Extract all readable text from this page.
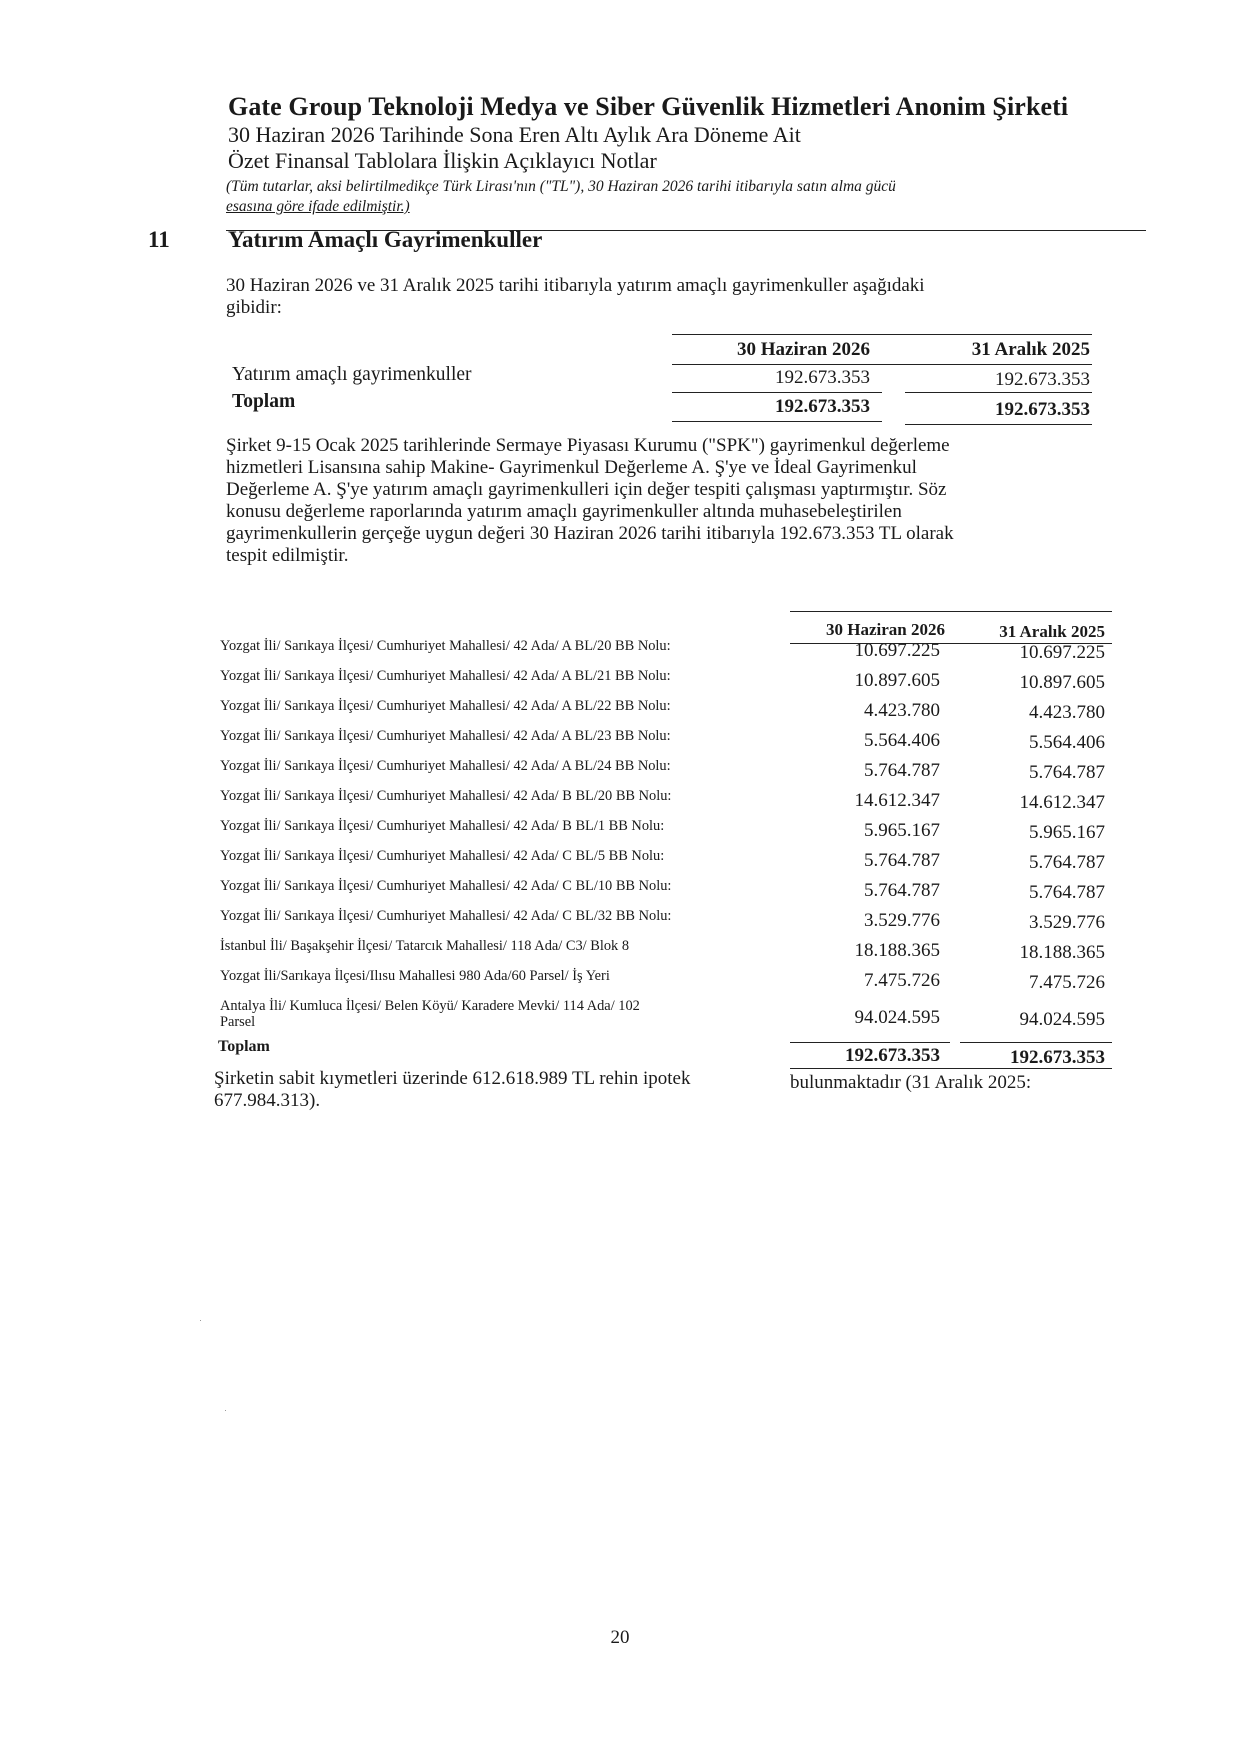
Gate Group Teknoloji Medya ve Siber Güvenlik Hizmetleri Anonim Şirketi
30 Haziran 2026 Tarihinde Sona Eren Altı Aylık Ara Döneme Ait
Özet Finansal Tablolara İlişkin Açıklayıcı Notlar
(Tüm tutarlar, aksi belirtilmedikçe Türk Lirası'nın ("TL"), 30 Haziran 2026 tarihi itibarıyla satın alma gücü
esasına göre ifade edilmiştir.)
11	Yatırım Amaçlı Gayrimenkuller
30 Haziran 2026 ve 31 Aralık 2025 tarihi itibarıyla yatırım amaçlı gayrimenkuller aşağıdaki
gibidir:
30 Haziran 2026	31 Aralık 2025
Yatırım amaçlı gayrimenkuller	192.673.353	192.673.353
Toplam	192.673.353	192.673.353
Şirket 9-15 Ocak 2025 tarihlerinde Sermaye Piyasası Kurumu ("SPK") gayrimenkul değerleme
hizmetleri Lisansına sahip Makine- Gayrimenkul Değerleme A. Ş'ye ve İdeal Gayrimenkul
Değerleme A. Ş'ye yatırım amaçlı gayrimenkulleri için değer tespiti çalışması yaptırmıştır. Söz
konusu değerleme raporlarında yatırım amaçlı gayrimenkuller altında muhasebeleştirilen
gayrimenkullerin gerçeğe uygun değeri 30 Haziran 2026 tarihi itibarıyla 192.673.353 TL olarak
tespit edilmiştir.
30 Haziran 2026	31 Aralık 2025
Yozgat İli/ Sarıkaya İlçesi/ Cumhuriyet Mahallesi/ 42 Ada/ A BL/20 BB Nolu:	10.697.225	10.697.225
Yozgat İli/ Sarıkaya İlçesi/ Cumhuriyet Mahallesi/ 42 Ada/ A BL/21 BB Nolu:	10.897.605	10.897.605
Yozgat İli/ Sarıkaya İlçesi/ Cumhuriyet Mahallesi/ 42 Ada/ A BL/22 BB Nolu:	4.423.780	4.423.780
Yozgat İli/ Sarıkaya İlçesi/ Cumhuriyet Mahallesi/ 42 Ada/ A BL/23 BB Nolu:	5.564.406	5.564.406
Yozgat İli/ Sarıkaya İlçesi/ Cumhuriyet Mahallesi/ 42 Ada/ A BL/24 BB Nolu:	5.764.787	5.764.787
Yozgat İli/ Sarıkaya İlçesi/ Cumhuriyet Mahallesi/ 42 Ada/ B BL/20 BB Nolu:	14.612.347	14.612.347
Yozgat İli/ Sarıkaya İlçesi/ Cumhuriyet Mahallesi/ 42 Ada/ B BL/1 BB Nolu:	5.965.167	5.965.167
Yozgat İli/ Sarıkaya İlçesi/ Cumhuriyet Mahallesi/ 42 Ada/ C BL/5 BB Nolu:	5.764.787	5.764.787
Yozgat İli/ Sarıkaya İlçesi/ Cumhuriyet Mahallesi/ 42 Ada/ C BL/10 BB Nolu:	5.764.787	5.764.787
Yozgat İli/ Sarıkaya İlçesi/ Cumhuriyet Mahallesi/ 42 Ada/ C BL/32 BB Nolu:	3.529.776	3.529.776
İstanbul İli/ Başakşehir İlçesi/ Tatarcık Mahallesi/ 118 Ada/ C3/ Blok 8	18.188.365	18.188.365
Yozgat İli/Sarıkaya İlçesi/Ilısu Mahallesi 980 Ada/60 Parsel/ İş Yeri	7.475.726	7.475.726
Antalya İli/ Kumluca İlçesi/ Belen Köyü/ Karadere Mevki/ 114 Ada/ 102
Parsel	94.024.595	94.024.595
Toplam	192.673.353	192.673.353
Şirketin sabit kıymetleri üzerinde 612.618.989 TL rehin ipotek	bulunmaktadır (31 Aralık 2025:
677.984.313).
20
